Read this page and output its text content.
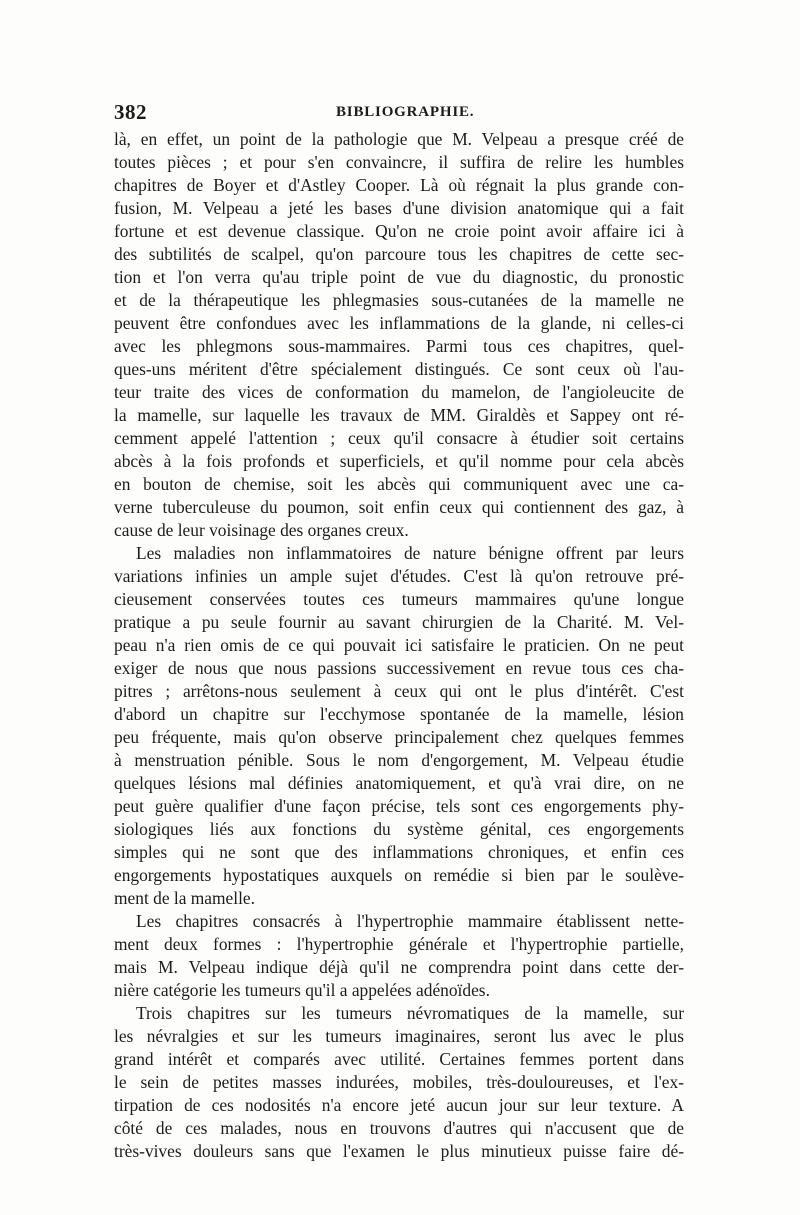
382	BIBLIOGRAPHIE.
là, en effet, un point de la pathologie que M. Velpeau a presque créé de
toutes pièces ; et pour s'en convaincre, il suffira de relire les humbles
chapitres de Boyer et d'Astley Cooper. Là où régnait la plus grande con-
fusion, M. Velpeau a jeté les bases d'une division anatomique qui a fait
fortune et est devenue classique. Qu'on ne croie point avoir affaire ici à
des subtilités de scalpel, qu'on parcoure tous les chapitres de cette sec-
tion et l'on verra qu'au triple point de vue du diagnostic, du pronostic
et de la thérapeutique les phlegmasies sous-cutanées de la mamelle ne
peuvent être confondues avec les inflammations de la glande, ni celles-ci
avec les phlegmons sous-mammaires. Parmi tous ces chapitres, quel-
ques-uns méritent d'être spécialement distingués. Ce sont ceux où l'au-
teur traite des vices de conformation du mamelon, de l'angioleucite de
la mamelle, sur laquelle les travaux de MM. Giraldès et Sappey ont ré-
cemment appelé l'attention ; ceux qu'il consacre à étudier soit certains
abcès à la fois profonds et superficiels, et qu'il nomme pour cela abcès
en bouton de chemise, soit les abcès qui communiquent avec une ca-
verne tuberculeuse du poumon, soit enfin ceux qui contiennent des gaz, à
cause de leur voisinage des organes creux.
Les maladies non inflammatoires de nature bénigne offrent par leurs
variations infinies un ample sujet d'études. C'est là qu'on retrouve pré-
cieusement conservées toutes ces tumeurs mammaires qu'une longue
pratique a pu seule fournir au savant chirurgien de la Charité. M. Vel-
peau n'a rien omis de ce qui pouvait ici satisfaire le praticien. On ne peut
exiger de nous que nous passions successivement en revue tous ces cha-
pitres ; arrêtons-nous seulement à ceux qui ont le plus d'intérêt. C'est
d'abord un chapitre sur l'ecchymose spontanée de la mamelle, lésion
peu fréquente, mais qu'on observe principalement chez quelques femmes
à menstruation pénible. Sous le nom d'engorgement, M. Velpeau étudie
quelques lésions mal définies anatomiquement, et qu'à vrai dire, on ne
peut guère qualifier d'une façon précise, tels sont ces engorgements phy-
siologiques liés aux fonctions du système génital, ces engorgements
simples qui ne sont que des inflammations chroniques, et enfin ces
engorgements hypostatiques auxquels on remédie si bien par le soulève-
ment de la mamelle.
Les chapitres consacrés à l'hypertrophie mammaire établissent nette-
ment deux formes : l'hypertrophie générale et l'hypertrophie partielle,
mais M. Velpeau indique déjà qu'il ne comprendra point dans cette der-
nière catégorie les tumeurs qu'il a appelées adénoïdes.
Trois chapitres sur les tumeurs névromatiques de la mamelle, sur
les névralgies et sur les tumeurs imaginaires, seront lus avec le plus
grand intérêt et comparés avec utilité. Certaines femmes portent dans
le sein de petites masses indurées, mobiles, très-douloureuses, et l'ex-
tirpation de ces nodosités n'a encore jeté aucun jour sur leur texture. A
côté de ces malades, nous en trouvons d'autres qui n'accusent que de
très-vives douleurs sans que l'examen le plus minutieux puisse faire dé-
